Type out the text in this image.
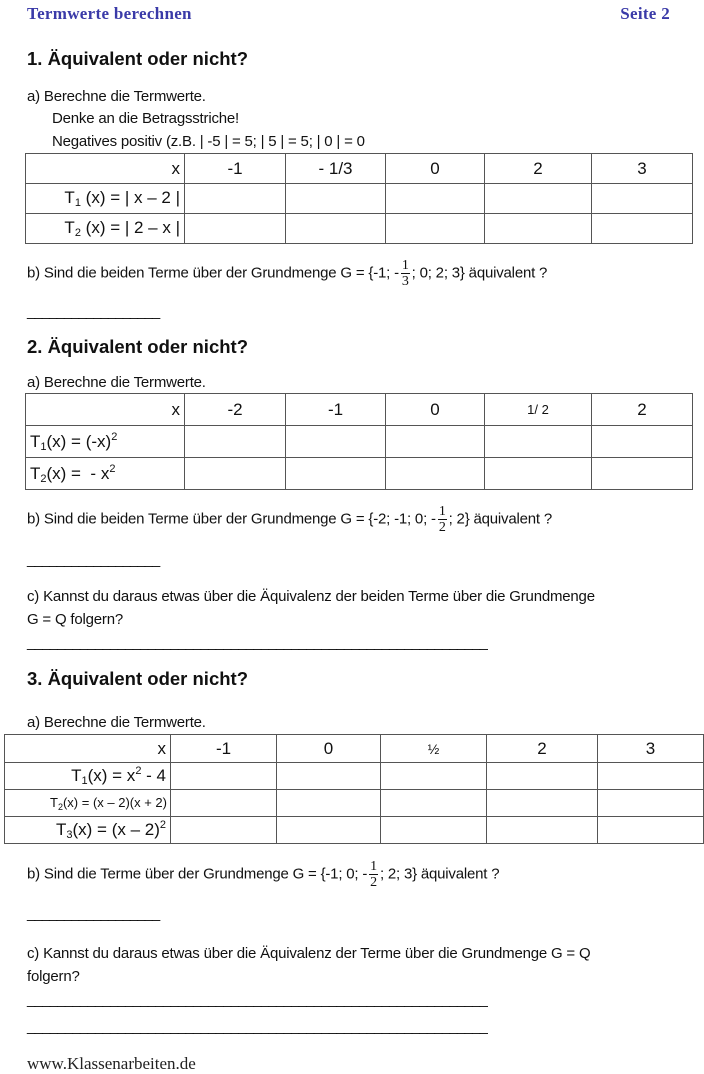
Termwerte berechnen	Seite 2
1. Äquivalent oder nicht?
a) Berechne die Termwerte.
Denke an die Betragsstriche!
Negatives positiv (z.B. | -5 | = 5; | 5 | = 5; | 0 | = 0
x	-1	- 1/3	0	2	3
$T_1$ (x) = | x – 2 |					
$T_2$ (x) = | 2 – x |					
b) Sind die beiden Terme über der Grundmenge G = {-1; - $\frac{1}{3}$ ; 0; 2; 3} äquivalent ?
__________________
2. Äquivalent oder nicht?
a) Berechne die Termwerte.
x	-2	-1	0	1/ 2	2
$T_1(x) = (-x)^2$					
$T_2(x)$ =  - $x^2$					
b) Sind die beiden Terme über der Grundmenge G = {-2; -1; 0; - $\frac{1}{2}$ ; 2} äquivalent ?
__________________
c) Kannst du daraus etwas über die Äquivalenz der beiden Terme über die Grundmenge
G = Q folgern?
_____________________________________________________________
3. Äquivalent oder nicht?
a) Berechne die Termwerte.
x	-1	0	½	2	3
$T_1(x) = x^2 - 4$					
$T_2(x) = (x - 2)(x + 2)$					
$T_3(x) = (x - 2)^2$					
b) Sind die Terme über der Grundmenge G = {-1; 0; - $\frac{1}{2}$ ; 2; 3} äquivalent ?
__________________
c) Kannst du daraus etwas über die Äquivalenz der Terme über die Grundmenge G = Q
folgern?
_____________________________________________________________
_____________________________________________________________
www.Klassenarbeiten.de
